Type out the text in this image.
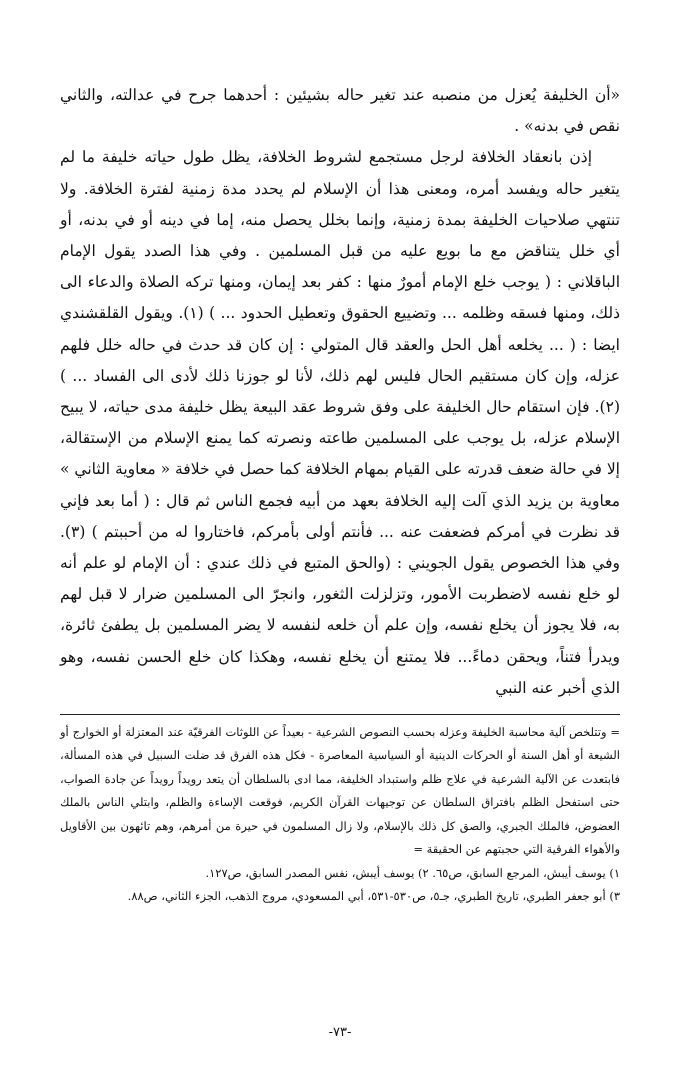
«أن الخليفة يُعزل من منصبه عند تغير حاله بشيئين : أحدهما جرح في عدالته، والثاني نقص في بدنه» .

إذن بانعقاد الخلافة لرجل مستجمع لشروط الخلافة، يظل طول حياته خليفة ما لم يتغير حاله ويفسد أمره، ومعنى هذا أن الإسلام لم يحدد مدة زمنية لفترة الخلافة. ولا تنتهي صلاحيات الخليفة بمدة زمنية، وإنما بخلل يحصل منه، إما في دينه أو في بدنه، أو أي خلل يتناقض مع ما بويع عليه من قبل المسلمين . وفي هذا الصدد يقول الإمام الباقلاني : ( يوجب خلع الإمام أمورٌ منها : كفر بعد إيمان، ومنها تركه الصلاة والدعاء الى ذلك، ومنها فسقه وظلمه ... وتضييع الحقوق وتعطيل الحدود ... ) (١). ويقول القلقشندي ايضا : ( ... يخلعه أهل الحل والعقد قال المتولي : إن كان قد حدث في حاله خلل فلهم عزله، وإن كان مستقيم الحال فليس لهم ذلك، لأنا لو جوزنا ذلك لأدى الى الفساد ... ) (٢). فإن استقام حال الخليفة على وفق شروط عقد البيعة يظل خليفة مدى حياته، لا يبيح الإسلام عزله، بل يوجب على المسلمين طاعته ونصرته كما يمنع الإسلام من الإستقالة، إلا في حالة ضعف قدرته على القيام بمهام الخلافة كما حصل في خلافة « معاوية الثاني » معاوية بن يزيد الذي آلت إليه الخلافة بعهد من أبيه فجمع الناس ثم قال : ( أما بعد فإني قد نظرت في أمركم فضعفت عنه ... فأنتم أولى بأمركم، فاختاروا له من أحببتم ) (٣). وفي هذا الخصوص يقول الجويني : (والحق المتبع في ذلك عندي : أن الإمام لو علم أنه لو خلع نفسه لاضطربت الأمور، وتزلزلت الثغور، وانجرّ الى المسلمين ضرار لا قبل لهم به، فلا يجوز أن يخلع نفسه، وإن علم أن خلعه لنفسه لا يضر المسلمين بل يطفئ ثائرة، ويدرأ فتناً، ويحقن دماءً... فلا يمتنع أن يخلع نفسه، وهكذا كان خلع الحسن نفسه، وهو الذي أخبر عنه النبي

= وتتلخص آلية محاسبة الخليفة وعزله بحسب النصوص الشرعية - بعيداً عن اللوثات الفرقيّة عند المعتزلة أو الخوارج أو الشيعة أو أهل السنة أو الحركات الدينية أو السياسية المعاصرة - فكل هذه الفرق قد ضلت السبيل في هذه المسألة، فابتعدت عن الآلية الشرعية في علاج ظلم واستبداد الخليفة، مما ادى بالسلطان أن يتعد رويداً رويداً عن جادة الصواب، حتى استفحل الظلم بافتراق السلطان عن توجيهات القرآن الكريم، فوقعت الإساءة والظلم، وابتلي الناس بالملك العضوض، فالملك الجبري، والصق كل ذلك بالإسلام، ولا زال المسلمون في حيرة من أمرهم، وهم تائهون بين الأقاويل والأهواء الفرقية التي حجبتهم عن الحقيقة =

١) يوسف أيبش، المرجع السابق، ص٦٥. ٢) يوسف أيبش، نفس المصدر السابق، ص١٢٧.

٣) أبو جعفر الطبري، تاريخ الطبري، جـ٥، ص٥٣٠-٥٣١، أبي المسعودي، مروج الذهب، الجزء الثاني، ص٨٨.

-٧٣-
